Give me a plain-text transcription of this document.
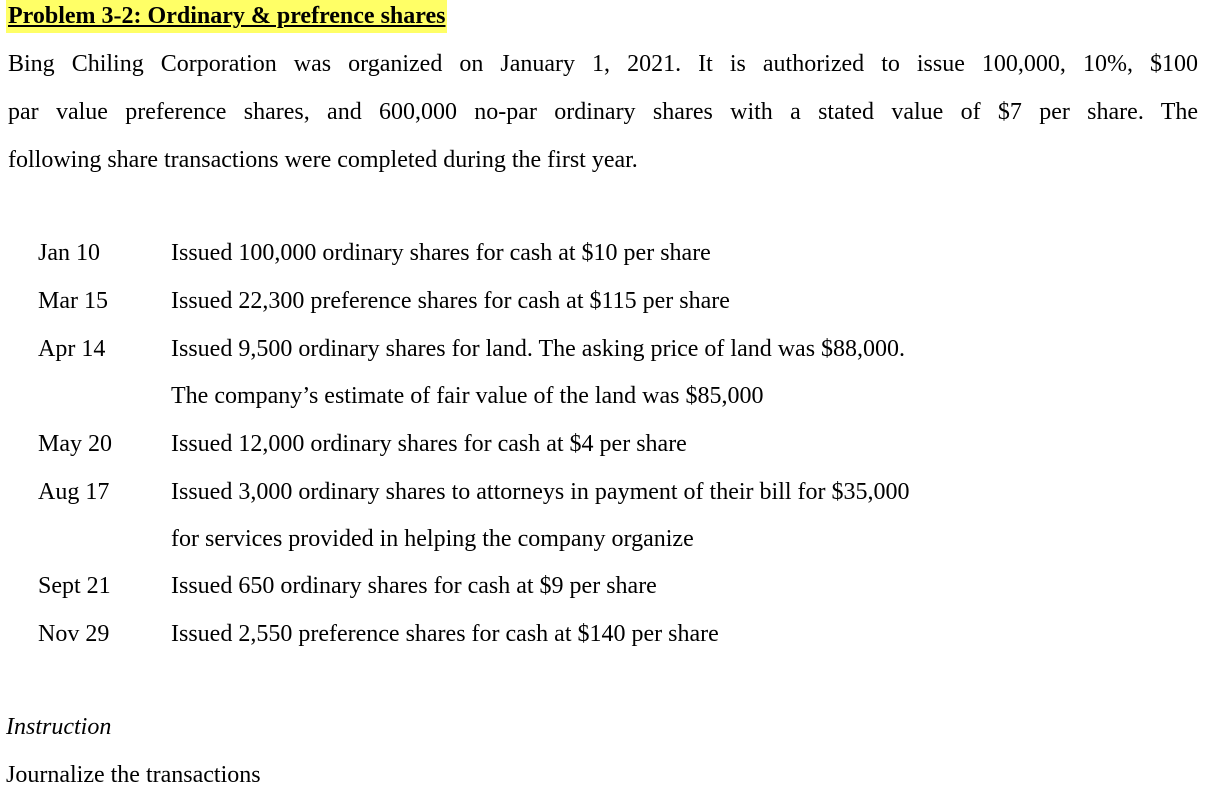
Problem 3-2: Ordinary & prefrence shares
Bing Chiling Corporation was organized on January 1, 2021. It is authorized to issue 100,000, 10%, $100
par value preference shares, and 600,000 no-par ordinary shares with a stated value of $7 per share. The
following share transactions were completed during the first year.
Jan 10	Issued 100,000 ordinary shares for cash at $10 per share
Mar 15	Issued 22,300 preference shares for cash at $115 per share
Apr 14	Issued 9,500 ordinary shares for land. The asking price of land was $88,000.
The company’s estimate of fair value of the land was $85,000
May 20 Issued 12,000 ordinary shares for cash at $4 per share
Aug 17	Issued 3,000 ordinary shares to attorneys in payment of their bill for $35,000
for services provided in helping the company organize
Sept 21	Issued 650 ordinary shares for cash at $9 per share
Nov 29	Issued 2,550 preference shares for cash at $140 per share
Instruction
Journalize the transactions
